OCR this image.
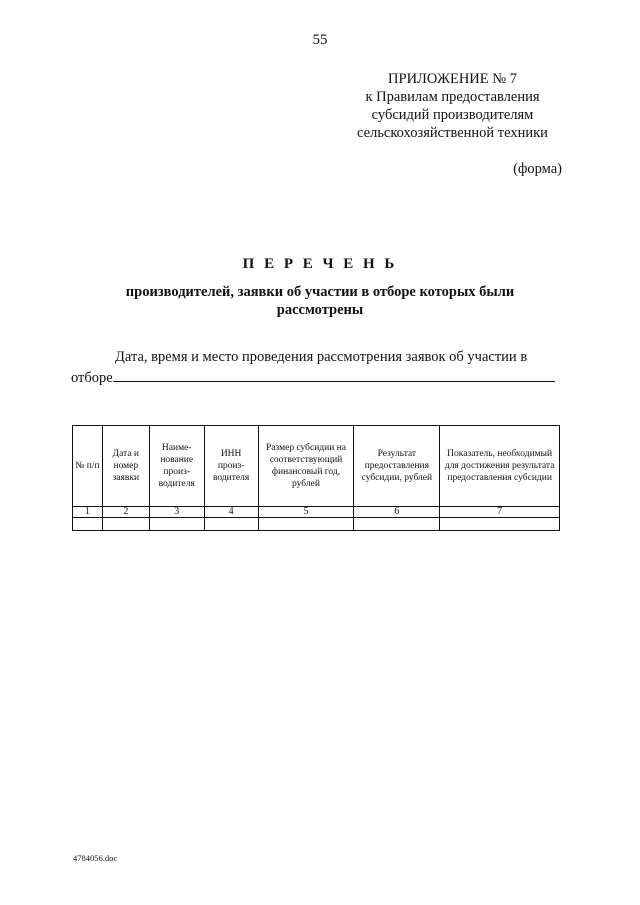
55
ПРИЛОЖЕНИЕ № 7
к Правилам предоставления
субсидий производителям
сельскохозяйственной техники
(форма)
П Е Р Е Ч Е Н Ь
производителей, заявки об участии в отборе которых были
рассмотрены
Дата, время и место проведения рассмотрения заявок об участии в
отборе
№ п/п	Дата и номер заявки	Наиме- нование произ- водителя	ИНН произ- водителя	Размер субсидии на соответствующий финансовый год, рублей	Результат предоставления субсидии, рублей	Показатель, необходимый для достижения результата предоставления субсидии
1	2	3	4	5	6	7

4784056.doc
